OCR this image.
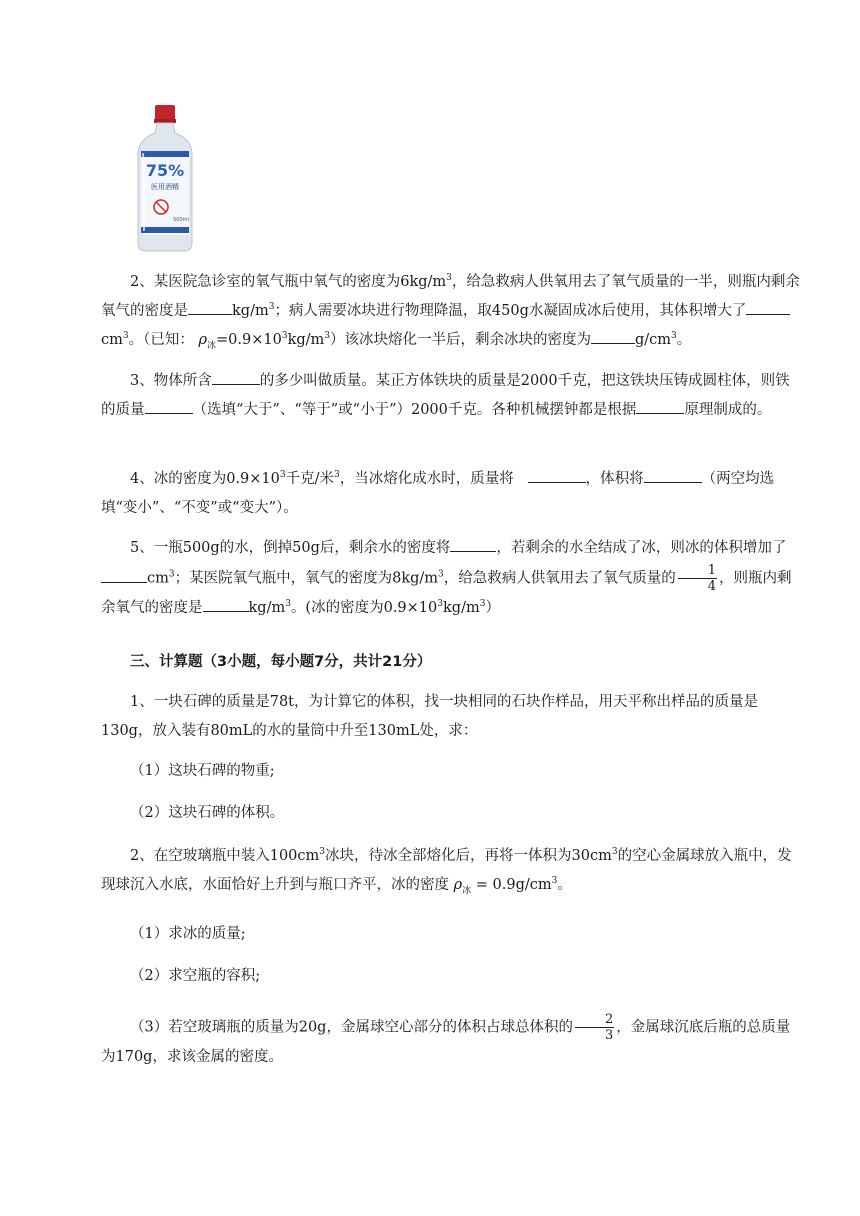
75%
医用酒精
500ml

2、某医院急诊室的氧气瓶中氧气的密度为$6kg/m^3$，给急救病人供氧用去了氧气质量的一半，则瓶内剩余氧气的密度是	$kg/m^3$；病人需要冰块进行物理降温，取450g水凝固成冰后使用，其体积增大了$cm^3$。（已知： $\rho_冰=0.9\times 10^3kg/m^3$）该冰块熔化一半后，剩余冰块的密度为	$g/cm^3$。

3、物体所含	的多少叫做质量。某正方体铁块的质量是2000千克，把这铁块压铸成圆柱体，则铁的质量	（选填“大于”、“等于”或“小于”）2000千克。各种机械摆钟都是根据	原理制成的。

4、冰的密度为$0.9\times 10^3$千克/米$^3$，当冰熔化成水时，质量将	，体积将	（两空均选填“变小”、“不变”或“变大”）。

5、一瓶500g的水，倒掉50g后，剩余水的密度将	，若剩余的水全结成了冰，则冰的体积增加了$cm^3$；某医院氧气瓶中，氧气的密度为$8kg/m^3$，给急救病人供氧用去了氧气质量的 $\frac{1}{4}$ ，则瓶内剩余氧气的密度是	$kg/m^3$。(冰的密度为$0.9\times 10^3kg/m^3$）

三、计算题（3小题，每小题7分，共计21分）

1、一块石碑的质量是78t，为计算它的体积，找一块相同的石块作样品，用天平称出样品的质量是130g，放入装有80mL的水的量筒中升至130mL处，求：

（1）这块石碑的物重;

（2）这块石碑的体积。

2、在空玻璃瓶中装入$100cm^3$冰块，待冰全部熔化后，再将一体积为$30cm^3$的空心金属球放入瓶中，发现球沉入水底，水面恰好上升到与瓶口齐平，冰的密度 $\rho_冰 = 0.9g/cm^3$。

（1）求冰的质量;

（2）求空瓶的容积;

（3）若空玻璃瓶的质量为20g，金属球空心部分的体积占球总体积的 $\frac{2}{3}$ ，金属球沉底后瓶的总质量为170g，求该金属的密度。
